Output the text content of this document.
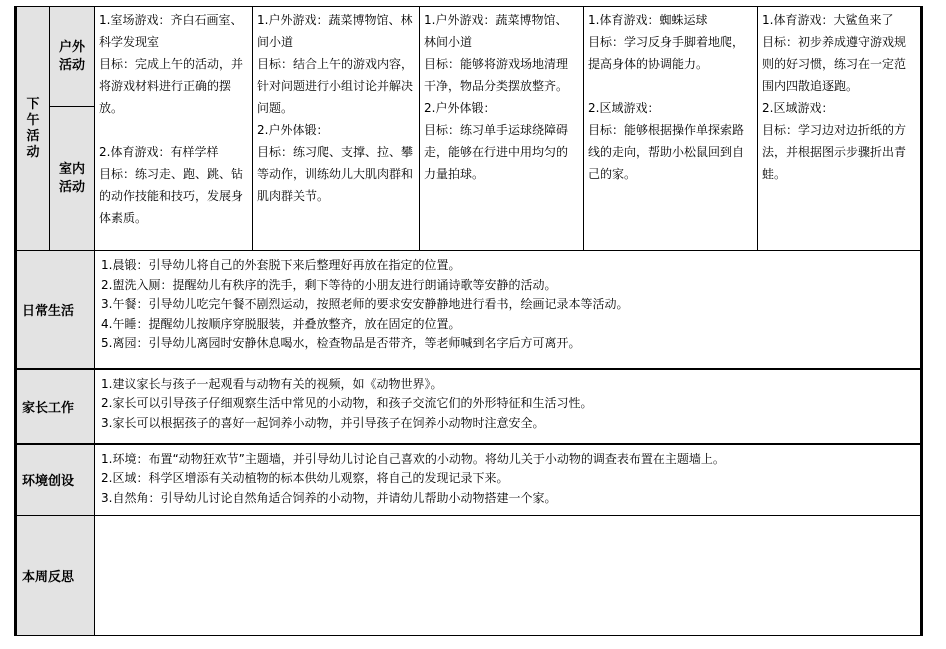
下午活动	户外活动	1.室场游戏：齐白石画室、科学发现室
目标：完成上午的活动，并将游戏材料进行正确的摆放。
2.体育游戏：有样学样
目标：练习走、跑、跳、钻的动作技能和技巧，发展身体素质。	1.户外游戏：蔬菜博物馆、林间小道
目标：结合上午的游戏内容，针对问题进行小组讨论并解决问题。
2.户外体锻：
目标：练习爬、支撑、拉、攀等动作，训练幼儿大肌肉群和肌肉群关节。	1.户外游戏：蔬菜博物馆、林间小道
目标：能够将游戏场地清理干净，物品分类摆放整齐。
2.户外体锻：
目标：练习单手运球绕障碍走，能够在行进中用均匀的力量拍球。	1.体育游戏：蜘蛛运球
目标：学习反身手脚着地爬，提高身体的协调能力。
2.区域游戏：
目标：能够根据操作单探索路线的走向，帮助小松鼠回到自己的家。	1.体育游戏：大鲨鱼来了
目标：初步养成遵守游戏规则的好习惯，练习在一定范围内四散追逐跑。
2.区域游戏：
目标：学习边对边折纸的方法，并根据图示步骤折出青蛙。

	室内活动					

日常生活		1.晨锻：引导幼儿将自己的外套脱下来后整理好再放在指定的位置。
2.盥洗入厕：提醒幼儿有秩序的洗手，剩下等待的小朋友进行朗诵诗歌等安静的活动。
3.午餐：引导幼儿吃完午餐不剧烈运动，按照老师的要求安安静静地进行看书，绘画记录本等活动。
4.午睡：提醒幼儿按顺序穿脱服装，并叠放整齐，放在固定的位置。
5.离园：引导幼儿离园时安静休息喝水，检查物品是否带齐，等老师喊到名字后方可离开。				

家长工作		1.建议家长与孩子一起观看与动物有关的视频，如《动物世界》。
2.家长可以引导孩子仔细观察生活中常见的小动物，和孩子交流它们的外形特征和生活习性。
3.家长可以根据孩子的喜好一起饲养小动物，并引导孩子在饲养小动物时注意安全。				

环境创设		1.环境：布置“动物狂欢节”主题墙，并引导幼儿讨论自己喜欢的小动物。将幼儿关于小动物的调查表布置在主题墙上。
2.区域：科学区增添有关动植物的标本供幼儿观察，将自己的发现记录下来。
3.自然角：引导幼儿讨论自然角适合饲养的小动物，并请幼儿帮助小动物搭建一个家。				

本周反思						
